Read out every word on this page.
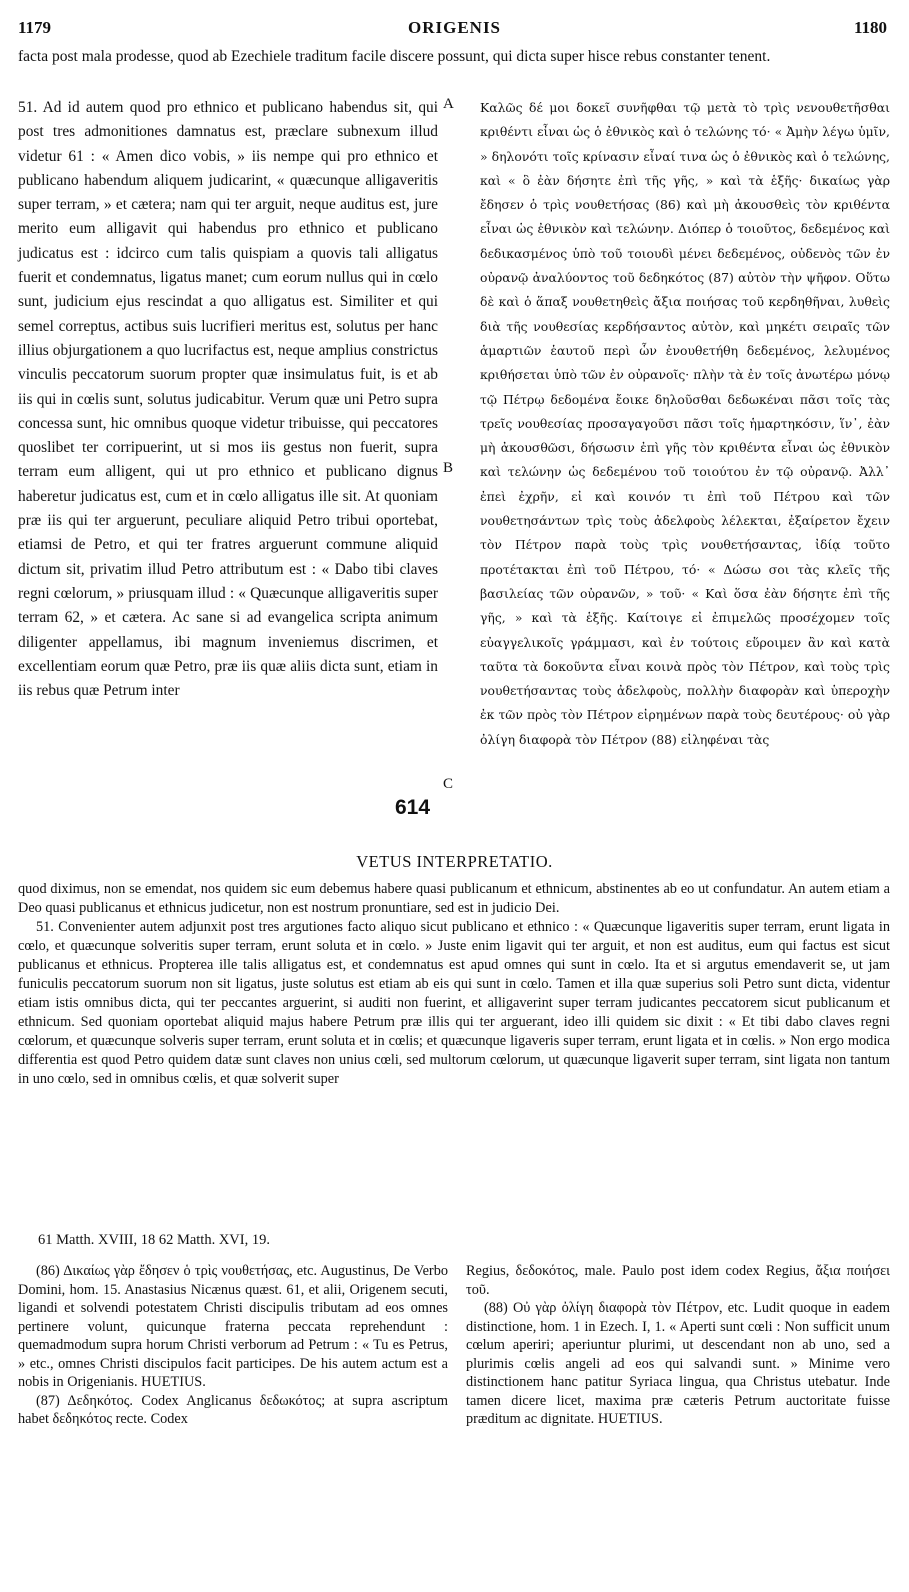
1179	ORIGENIS	1180
facta post mala prodesse, quod ab Ezechiele traditum facile discere possunt, qui dicta super hisce rebus constanter tenent.
51. Ad id autem quod pro ethnico et publicano habendus sit, qui post tres admonitiones damnatus est, præclare subnexum illud videtur 61 : « Amen dico vobis, » iis nempe qui pro ethnico et publicano habendum aliquem judicarint, « quæcunque alligaveritis super terram, » et cætera; nam qui ter arguit, neque auditus est, jure merito eum alligavit qui habendus pro ethnico et publicano judicatus est : idcirco cum talis quispiam a quovis tali alligatus fuerit et condemnatus, ligatus manet; cum eorum nullus qui in cœlo sunt, judicium ejus rescindat a quo alligatus est. Similiter et qui semel correptus, actibus suis lucrifieri meritus est, solutus per hanc illius objurgationem a quo lucrifactus est, neque amplius constrictus vinculis peccatorum suorum propter quæ insimulatus fuit, is et ab iis qui in cœlis sunt, solutus judicabitur. Verum quæ uni Petro supra concessa sunt, hic omnibus quoque videtur tribuisse, qui peccatores quoslibet ter corripuerint, ut si mos iis gestus non fuerit, supra terram eum alligent, qui ut pro ethnico et publicano dignus haberetur judicatus est, cum et in cœlo alligatus ille sit. At quoniam præ iis qui ter arguerunt, peculiare aliquid Petro tribui oportebat, etiamsi de Petro, et qui ter fratres arguerunt commune aliquid dictum sit, privatim illud Petro attributum est : « Dabo tibi claves regni cœlorum, » priusquam illud : « Quæcunque alligaveritis super terram 62, » et cætera. Ac sane si ad evangelica scripta animum diligenter appellamus, ibi magnum inveniemus discrimen, et excellentiam eorum quæ Petro, præ iis quæ aliis dicta sunt, etiam in iis rebus quæ Petrum inter
A
B
C
Καλῶς δέ μοι δοκεῖ συνῆφθαι τῷ μετὰ τὸ τρὶς νενουθετῆσθαι κριθέντι εἶναι ὡς ὁ ἐθνικὸς καὶ ὁ τελώνης τό· « Ἀμὴν λέγω ὑμῖν, » δηλονότι τοῖς κρίνασιν εἶναί τινα ὡς ὁ ἐθνικὸς καὶ ὁ τελώνης, καὶ « ὃ ἐὰν δήσητε ἐπὶ τῆς γῆς, » καὶ τὰ ἑξῆς· δικαίως γὰρ ἔδησεν ὁ τρὶς νουθετήσας (86) καὶ μὴ ἀκουσθεὶς τὸν κριθέντα εἶναι ὡς ἐθνικὸν καὶ τελώνην. Διόπερ ὁ τοιοῦτος, δεδεμένος καὶ δεδικασμένος ὑπὸ τοῦ τοιουδὶ μένει δεδεμένος, οὐδενὸς τῶν ἐν οὐρανῷ ἀναλύοντος τοῦ δεδηκότος (87) αὐτὸν τὴν ψῆφον. Οὕτω δὲ καὶ ὁ ἅπαξ νουθετηθεὶς ἄξια ποιήσας τοῦ κερδηθῆναι, λυθεὶς διὰ τῆς νουθεσίας κερδήσαντος αὐτὸν, καὶ μηκέτι σειραῖς τῶν ἁμαρτιῶν ἑαυτοῦ περὶ ὧν ἐνουθετήθη δεδεμένος, λελυμένος κριθήσεται ὑπὸ τῶν ἐν οὐρανοῖς· πλὴν τὰ ἐν τοῖς ἀνωτέρω μόνῳ τῷ Πέτρῳ δεδομένα ἔοικε δηλοῦσθαι δεδωκέναι πᾶσι τοῖς τὰς τρεῖς νουθεσίας προσαγαγοῦσι πᾶσι τοῖς ἡμαρτηκόσιν, ἵν᾽, ἐὰν μὴ ἀκουσθῶσι, δήσωσιν ἐπὶ γῆς τὸν κριθέντα εἶναι ὡς ἐθνικὸν καὶ τελώνην ὡς δεδεμένου τοῦ τοιούτου ἐν τῷ οὐρανῷ. Ἀλλ᾽ ἐπεὶ ἐχρῆν, εἰ καὶ κοινόν τι ἐπὶ τοῦ Πέτρου καὶ τῶν νουθετησάντων τρὶς τοὺς ἀδελφοὺς λέλεκται, ἐξαίρετον ἔχειν τὸν Πέτρον παρὰ τοὺς τρὶς νουθετήσαντας, ἰδίᾳ τοῦτο προτέτακται ἐπὶ τοῦ Πέτρου, τό· « Δώσω σοι τὰς κλεῖς τῆς βασιλείας τῶν οὐρανῶν, » τοῦ· « Καὶ ὅσα ἐὰν δήσητε ἐπὶ τῆς γῆς, » καὶ τὰ ἑξῆς. Καίτοιγε εἰ ἐπιμελῶς προσέχομεν τοῖς εὐαγγελικοῖς γράμμασι, καὶ ἐν τούτοις εὕροιμεν ἂν καὶ κατὰ ταῦτα τὰ δοκοῦντα εἶναι κοινὰ πρὸς τὸν Πέτρον, καὶ τοὺς τρὶς νουθετήσαντας τοὺς ἀδελφοὺς, πολλὴν διαφορὰν καὶ ὑπεροχὴν ἐκ τῶν πρὸς τὸν Πέτρον εἰρημένων παρὰ τοὺς δευτέρους· οὐ γὰρ ὀλίγη διαφορὰ τὸν Πέτρον (88) εἰληφέναι τὰς
614
VETUS INTERPRETATIO.

quod diximus, non se emendat, nos quidem sic eum debemus habere quasi publicanum et ethnicum, abstinentes ab eo ut confundatur. An autem etiam a Deo quasi publicanus et ethnicus judicetur, non est nostrum pronuntiare, sed est in judicio Dei.

51. Convenienter autem adjunxit post tres argutiones facto aliquo sicut publicano et ethnico : « Quæcunque ligaveritis super terram, erunt ligata in cœlo, et quæcunque solveritis super terram, erunt soluta et in cœlo. » Juste enim ligavit qui ter arguit, et non est auditus, eum qui factus est sicut publicanus et ethnicus. Propterea ille talis alligatus est, et condemnatus est apud omnes qui sunt in cœlo. Ita et si argutus emendaverit se, ut jam funiculis peccatorum suorum non sit ligatus, juste solutus est etiam ab eis qui sunt in cœlo. Tamen et illa quæ superius soli Petro sunt dicta, videntur etiam istis omnibus dicta, qui ter peccantes arguerint, si auditi non fuerint, et alligaverint super terram judicantes peccatorem sicut publicanum et ethnicum. Sed quoniam oportebat aliquid majus habere Petrum præ illis qui ter arguerant, ideo illi quidem sic dixit : « Et tibi dabo claves regni cœlorum, et quæcunque solveris super terram, erunt soluta et in cœlis; et quæcunque ligaveris super terram, erunt ligata et in cœlis. » Non ergo modica differentia est quod Petro quidem datæ sunt claves non unius cœli, sed multorum cœlorum, ut quæcunque ligaverit super terram, sint ligata non tantum in uno cœlo, sed in omnibus cœlis, et quæ solverit super

61 Matth. XVIII, 18 62 Matth. XVI, 19.

(86) Δικαίως γὰρ ἔδησεν ὁ τρὶς νουθετήσας, etc. Augustinus, De Verbo Domini, hom. 15. Anastasius Nicænus quæst. 61, et alii, Origenem secuti, ligandi et solvendi potestatem Christi discipulis tributam ad eos omnes pertinere volunt, quicunque fraterna peccata reprehendunt : quemadmodum supra horum Christi verborum ad Petrum : « Tu es Petrus, » etc., omnes Christi discipulos facit participes. De his autem actum est a nobis in Origenianis. HUETIUS.

(87) Δεδηκότος. Codex Anglicanus δεδωκότος; at supra ascriptum habet δεδηκότος recte. Codex

Regius, δεδοκότος, male. Paulo post idem codex Regius, ἄξια ποιήσει τοῦ.

(88) Οὐ γὰρ ὀλίγη διαφορὰ τὸν Πέτρον, etc. Ludit quoque in eadem distinctione, hom. 1 in Ezech. I, 1. « Aperti sunt cœli : Non sufficit unum cœlum aperiri; aperiuntur plurimi, ut descendant non ab uno, sed a plurimis cœlis angeli ad eos qui salvandi sunt. » Minime vero distinctionem hanc patitur Syriaca lingua, qua Christus utebatur. Inde tamen dicere licet, maxima præ cæteris Petrum auctoritate fuisse præditum ac dignitate. HUETIUS.
